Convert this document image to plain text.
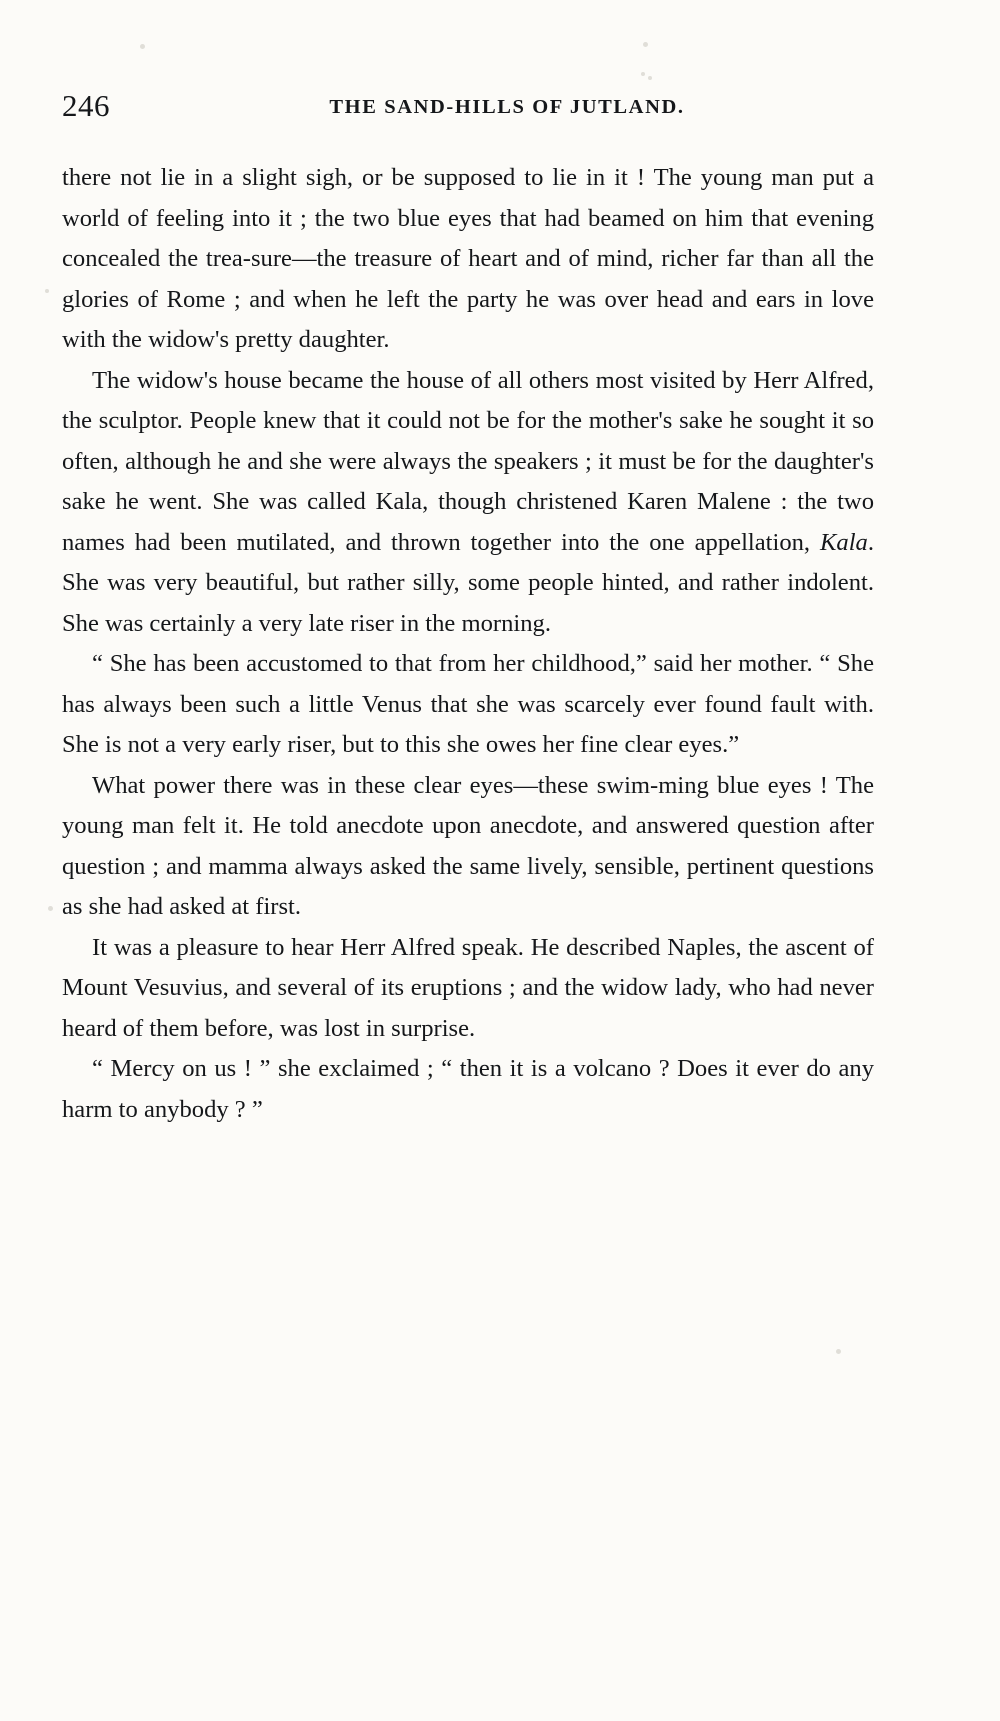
246	THE SAND-HILLS OF JUTLAND.

there not lie in a slight sigh, or be supposed to lie in it ! The young man put a world of feeling into it ; the two blue eyes that had beamed on him that evening concealed the trea-sure—the treasure of heart and of mind, richer far than all the glories of Rome ; and when he left the party he was over head and ears in love with the widow's pretty daughter.

The widow's house became the house of all others most visited by Herr Alfred, the sculptor. People knew that it could not be for the mother's sake he sought it so often, although he and she were always the speakers ; it must be for the daughter's sake he went. She was called Kala, though christened Karen Malene : the two names had been mutilated, and thrown together into the one appellation, Kala. She was very beautiful, but rather silly, some people hinted, and rather indolent. She was certainly a very late riser in the morning.

“ She has been accustomed to that from her childhood,” said her mother. “ She has always been such a little Venus that she was scarcely ever found fault with. She is not a very early riser, but to this she owes her fine clear eyes.”

What power there was in these clear eyes—these swim-ming blue eyes ! The young man felt it. He told anecdote upon anecdote, and answered question after question ; and mamma always asked the same lively, sensible, pertinent questions as she had asked at first.

It was a pleasure to hear Herr Alfred speak. He described Naples, the ascent of Mount Vesuvius, and several of its eruptions ; and the widow lady, who had never heard of them before, was lost in surprise.

“ Mercy on us ! ” she exclaimed ; “ then it is a volcano ? Does it ever do any harm to anybody ? ”
